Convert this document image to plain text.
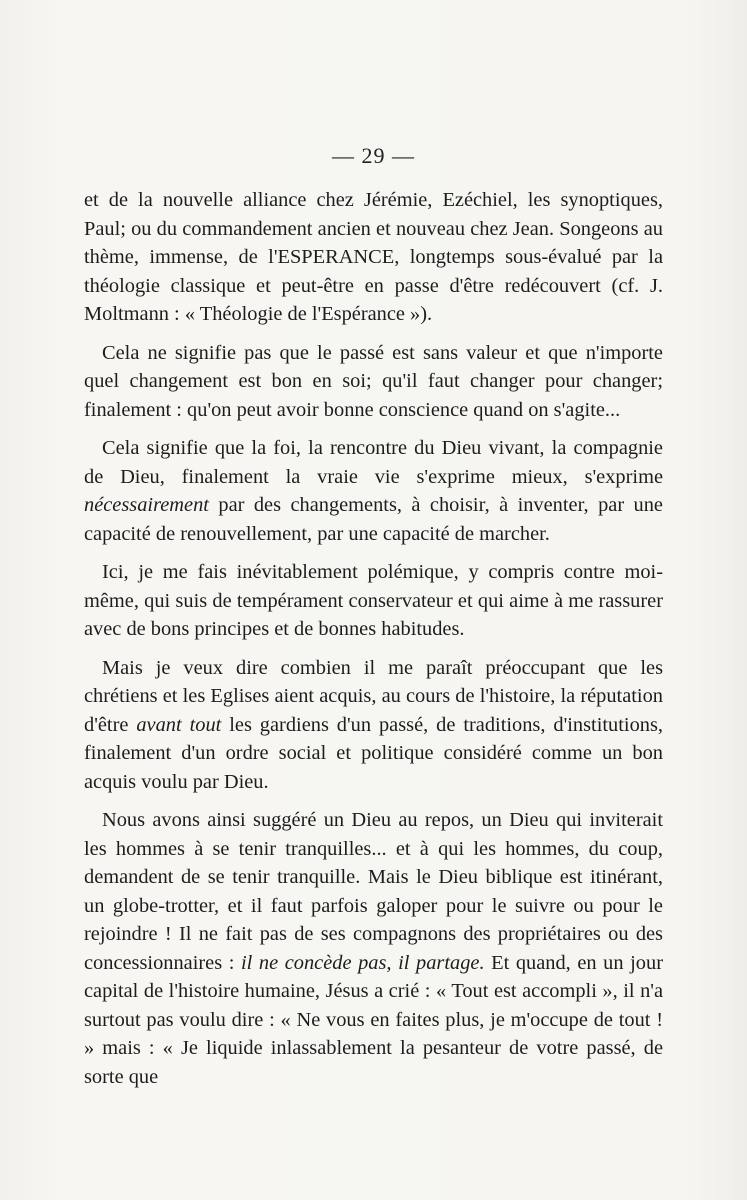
— 29 —

et de la nouvelle alliance chez Jérémie, Ezéchiel, les synoptiques, Paul; ou du commandement ancien et nouveau chez Jean. Songeons au thème, immense, de l'ESPERANCE, longtemps sous-évalué par la théologie classique et peut-être en passe d'être redécouvert (cf. J. Moltmann : « Théologie de l'Espérance »).

Cela ne signifie pas que le passé est sans valeur et que n'importe quel changement est bon en soi; qu'il faut changer pour changer; finalement : qu'on peut avoir bonne conscience quand on s'agite...

Cela signifie que la foi, la rencontre du Dieu vivant, la compagnie de Dieu, finalement la vraie vie s'exprime mieux, s'exprime nécessairement par des changements, à choisir, à inventer, par une capacité de renouvellement, par une capacité de marcher.

Ici, je me fais inévitablement polémique, y compris contre moi-même, qui suis de tempérament conservateur et qui aime à me rassurer avec de bons principes et de bonnes habitudes.

Mais je veux dire combien il me paraît préoccupant que les chrétiens et les Eglises aient acquis, au cours de l'histoire, la réputation d'être avant tout les gardiens d'un passé, de traditions, d'institutions, finalement d'un ordre social et politique considéré comme un bon acquis voulu par Dieu.

Nous avons ainsi suggéré un Dieu au repos, un Dieu qui inviterait les hommes à se tenir tranquilles... et à qui les hommes, du coup, demandent de se tenir tranquille. Mais le Dieu biblique est itinérant, un globe-trotter, et il faut parfois galoper pour le suivre ou pour le rejoindre ! Il ne fait pas de ses compagnons des propriétaires ou des concessionnaires : il ne concède pas, il partage. Et quand, en un jour capital de l'histoire humaine, Jésus a crié : « Tout est accompli », il n'a surtout pas voulu dire : « Ne vous en faites plus, je m'occupe de tout ! » mais : « Je liquide inlassablement la pesanteur de votre passé, de sorte que
